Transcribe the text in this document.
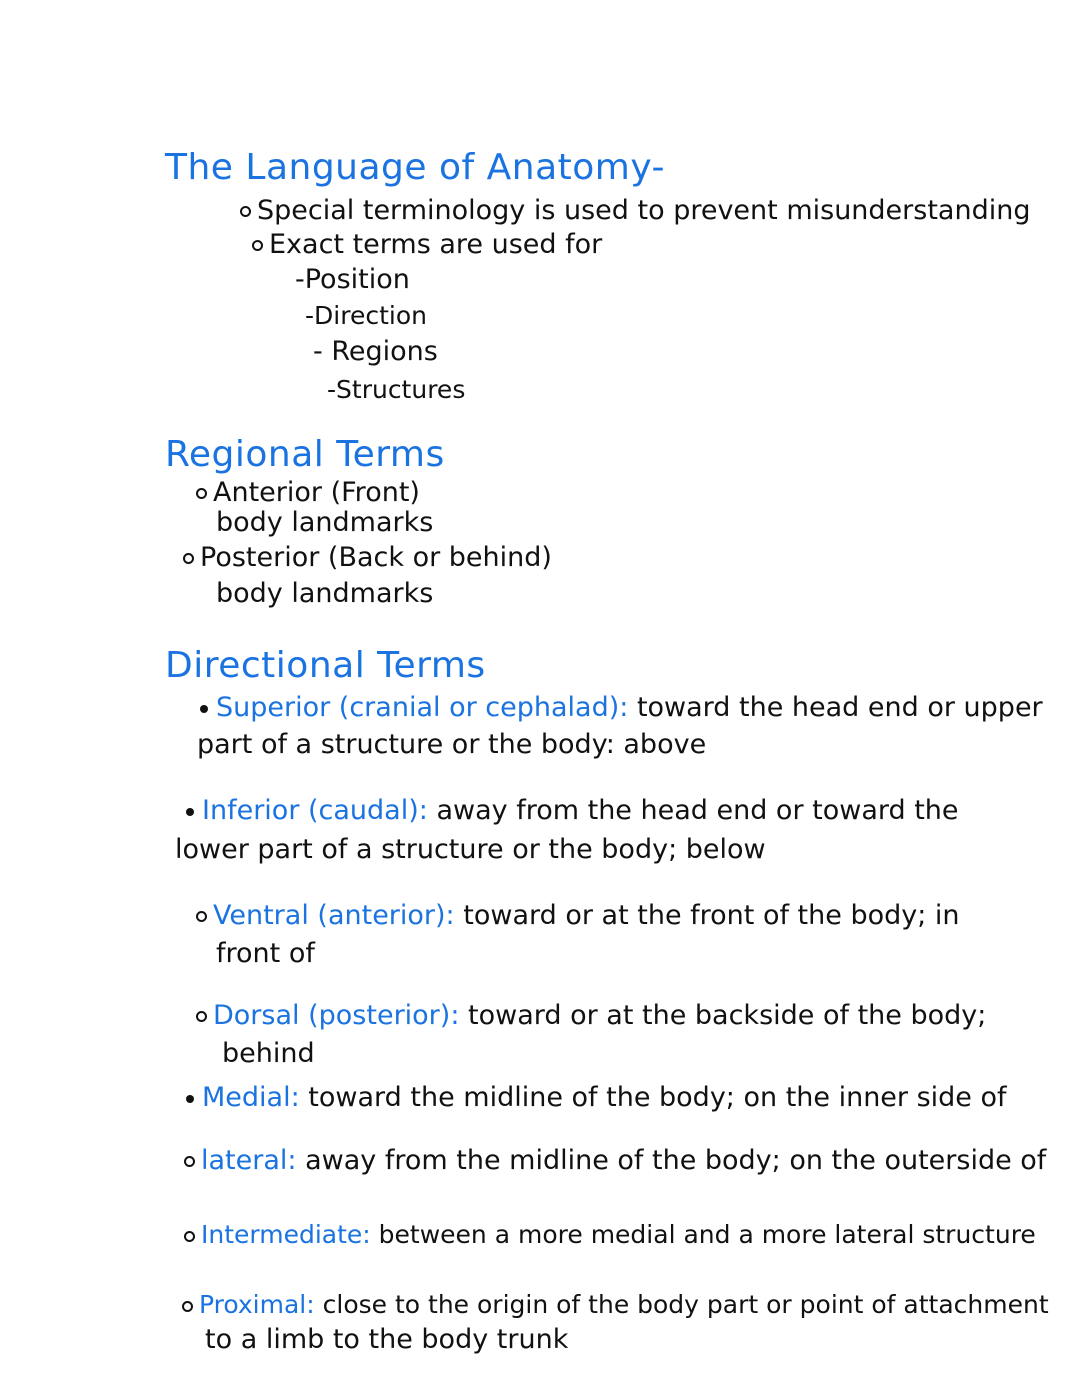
The Language of Anatomy-
Special terminology is used to prevent misunderstanding
Exact terms are used for
-Position
-Direction
- Regions
-Structures
Regional Terms
Anterior (Front)
body landmarks
Posterior (Back or behind)
body landmarks
Directional Terms
Superior (cranial or cephalad): toward the head end or upper
part of a structure or the body: above
Inferior (caudal): away from the head end or toward the
lower part of a structure or the body; below
Ventral (anterior): toward or at the front of the body; in
front of
Dorsal (posterior): toward or at the backside of the body;
behind
Medial: toward the midline of the body; on the inner side of
lateral: away from the midline of the body; on the outerside of
Intermediate: between a more medial and a more lateral structure
Proximal: close to the origin of the body part or point of attachment
to a limb to the body trunk
